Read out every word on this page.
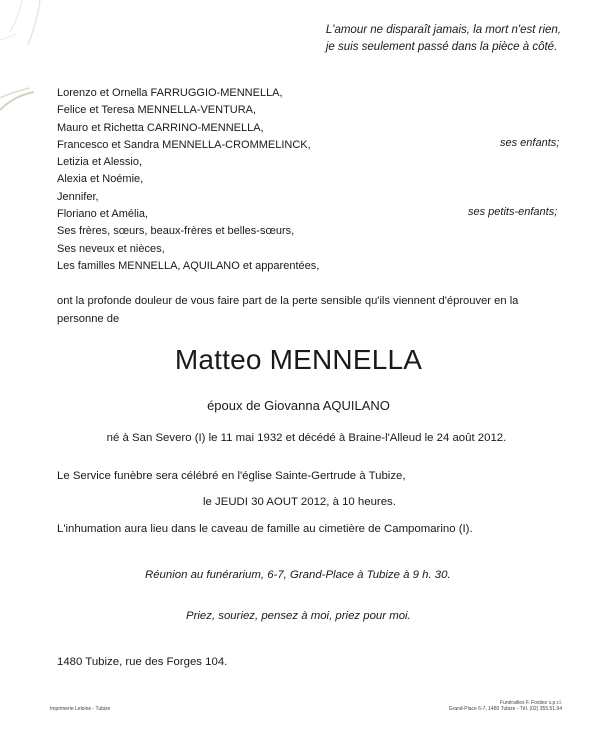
L'amour ne disparaît jamais, la mort n'est rien,
je suis seulement passé dans la pièce à côté.
Lorenzo et Ornella FARRUGGIO-MENNELLA,
Felice et Teresa MENNELLA-VENTURA,
Mauro et Richetta CARRINO-MENNELLA,
Francesco et Sandra MENNELLA-CROMMELINCK,
Letizia et Alessio,
Alexia et Noémie,
Jennifer,
Floriano et Amélia,
Ses frères, sœurs, beaux-frères et belles-sœurs,
Ses neveux et nièces,
Les familles MENNELLA, AQUILANO et apparentées,
ses enfants;
ses petits-enfants;
ont la profonde douleur de vous faire part de la perte sensible qu'ils viennent d'éprouver en la personne de
Matteo MENNELLA
époux de Giovanna AQUILANO
né à San Severo (I) le 11 mai 1932 et décédé à Braine-l'Alleud le 24 août 2012.
Le Service funèbre sera célébré en l'église Sainte-Gertrude à Tubize,
le JEUDI 30 AOUT 2012, à 10 heures.
L'inhumation aura lieu dans le caveau de famille au cimetière de Campomarino (I).
Réunion au funérarium, 6-7, Grand-Place à Tubize à 9 h. 30.
Priez, souriez, pensez à moi, priez pour moi.
1480 Tubize, rue des Forges 104.
Imprimerie Leloine - Tubize
Funérailles F. Fostiez s.p.r.l.
Grand-Place 6-7, 1480 Tubize - Tél. (02) 355.51.94
